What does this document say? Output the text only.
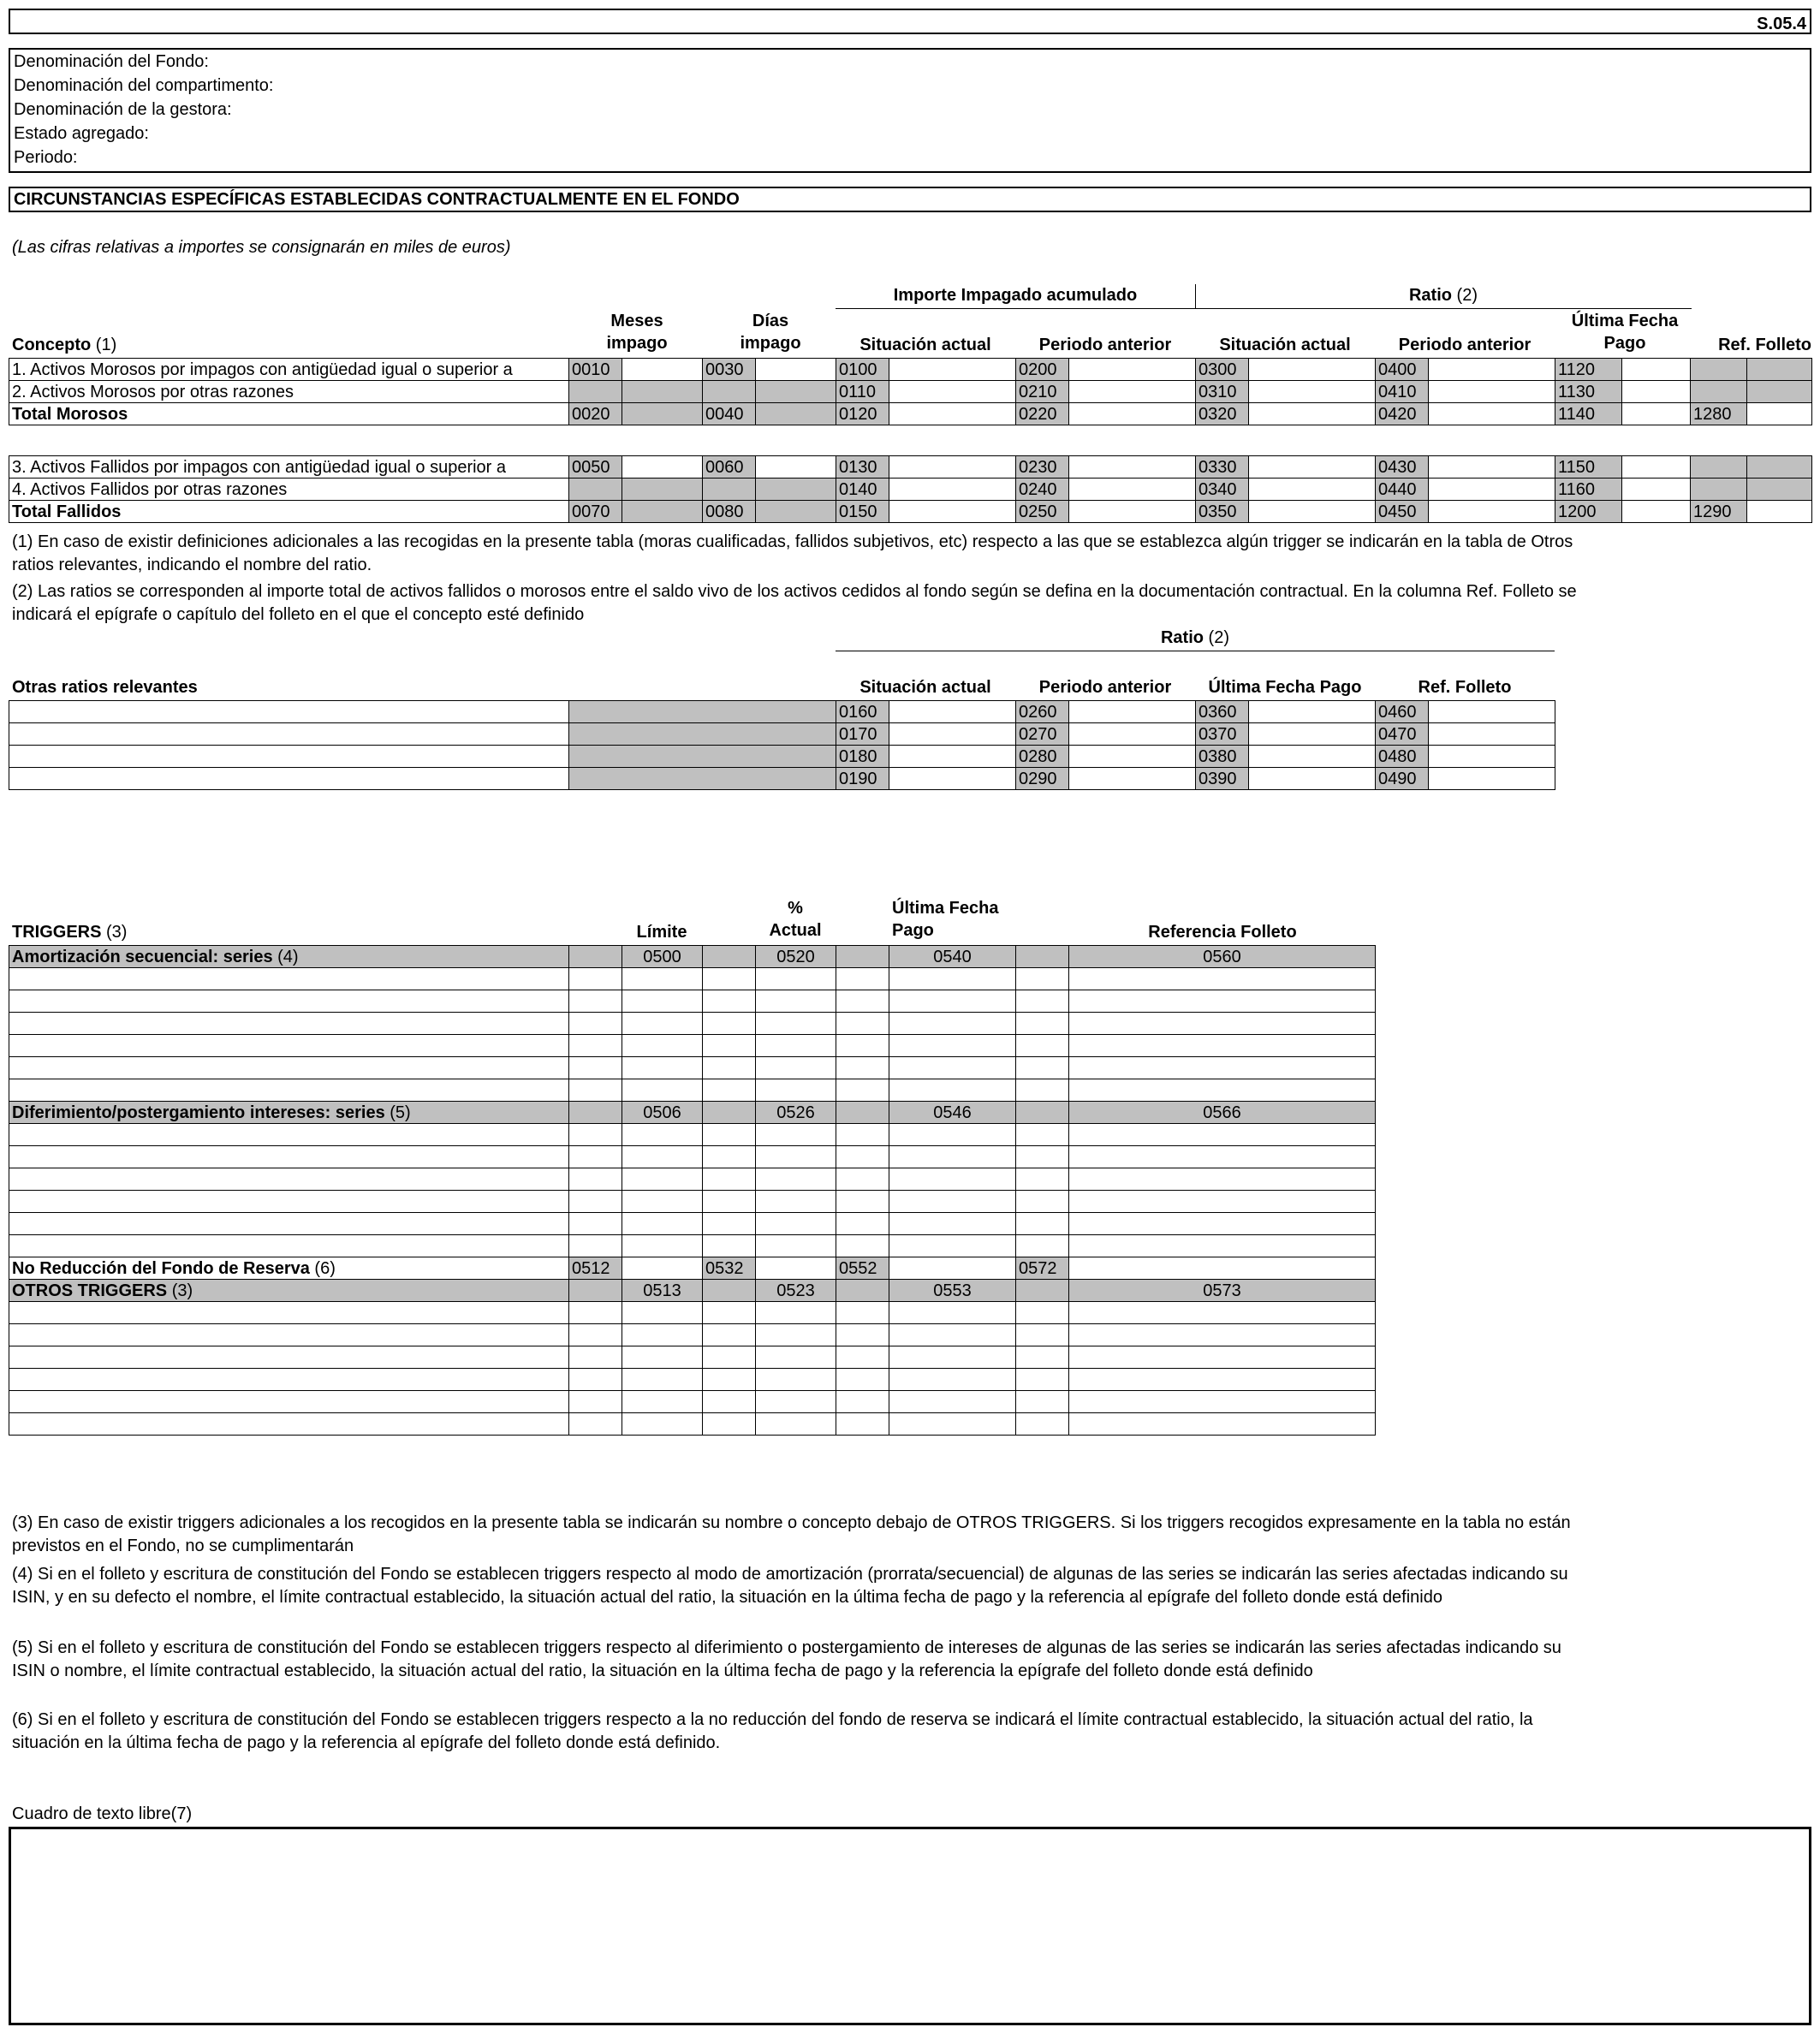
S.05.4
Denominación del Fondo:
Denominación del compartimento:
Denominación de la gestora:
Estado agregado:
Periodo:
CIRCUNSTANCIAS ESPECÍFICAS ESTABLECIDAS CONTRACTUALMENTE EN EL FONDO
(Las cifras relativas a importes se consignarán en miles de euros)
Importe Impagado acumulado	Ratio (2)
Concepto (1)
Meses
impago
Días
impago	Situación actual	Periodo anterior	Situación actual	Periodo anterior
Última Fecha
Pago	Ref. Folleto
1. Activos Morosos por impagos con antigüedad igual o superior a	0010		0030		0100		0200		0300		0400		1120			
2. Activos Morosos por otras razones					0110		0210		0310		0410		1130			
Total Morosos	0020		0040		0120		0220		0320		0420		1140		1280	
3. Activos Fallidos por impagos con antigüedad igual o superior a	0050		0060		0130		0230		0330		0430		1150			
4. Activos Fallidos por otras razones					0140		0240		0340		0440		1160			
Total Fallidos	0070		0080		0150		0250		0350		0450		1200		1290	
(1) En caso de existir definiciones adicionales a las recogidas en la presente tabla (moras cualificadas, fallidos subjetivos, etc) respecto a las que se establezca algún trigger se indicarán en la tabla de Otros ratios relevantes, indicando el nombre del ratio.
(2) Las ratios se corresponden al importe total de activos fallidos o morosos entre el saldo vivo de los activos cedidos al fondo según se defina en la documentación contractual. En la columna Ref. Folleto se indicará el epígrafe o capítulo del folleto en el que el concepto esté definido
Ratio (2)
Otras ratios relevantes	Situación actual	Periodo anterior	Última Fecha Pago	Ref. Folleto
		0160		0260		0360		0460	
		0170		0270		0370		0470	
		0180		0280		0380		0480	
		0190		0290		0390		0490	
TRIGGERS (3)	Límite
%
Actual
Última Fecha
Pago	Referencia Folleto
Amortización secuencial: series (4)		0500		0520		0540		0560

Diferimiento/postergamiento intereses: series (5)		0506		0526		0546		0566

No Reducción del Fondo de Reserva (6)	0512		0532		0552		0572	
OTROS TRIGGERS (3)		0513		0523		0553		0573

(3) En caso de existir triggers adicionales a los recogidos en la presente tabla se indicarán su nombre o concepto debajo de OTROS TRIGGERS. Si los triggers recogidos expresamente en la tabla no están previstos en el Fondo, no se cumplimentarán
(4) Si en el folleto y escritura de constitución del Fondo se establecen triggers respecto al modo de amortización (prorrata/secuencial) de algunas de las series se indicarán las series afectadas indicando su ISIN, y en su defecto el nombre, el límite contractual establecido, la situación actual del ratio, la situación en la última fecha de pago y la referencia al epígrafe del folleto donde está definido
(5) Si en el folleto y escritura de constitución del Fondo se establecen triggers respecto al diferimiento o postergamiento de intereses de algunas de las series se indicarán las series afectadas indicando su ISIN o nombre, el límite contractual establecido, la situación actual del ratio, la situación en la última fecha de pago y la referencia la epígrafe del folleto donde está definido
(6) Si en el folleto y escritura de constitución del Fondo se establecen triggers respecto a la no reducción del fondo de reserva se indicará el límite contractual establecido, la situación actual del ratio, la situación en la última fecha de pago y la referencia al epígrafe del folleto donde está definido.
Cuadro de texto libre(7)
